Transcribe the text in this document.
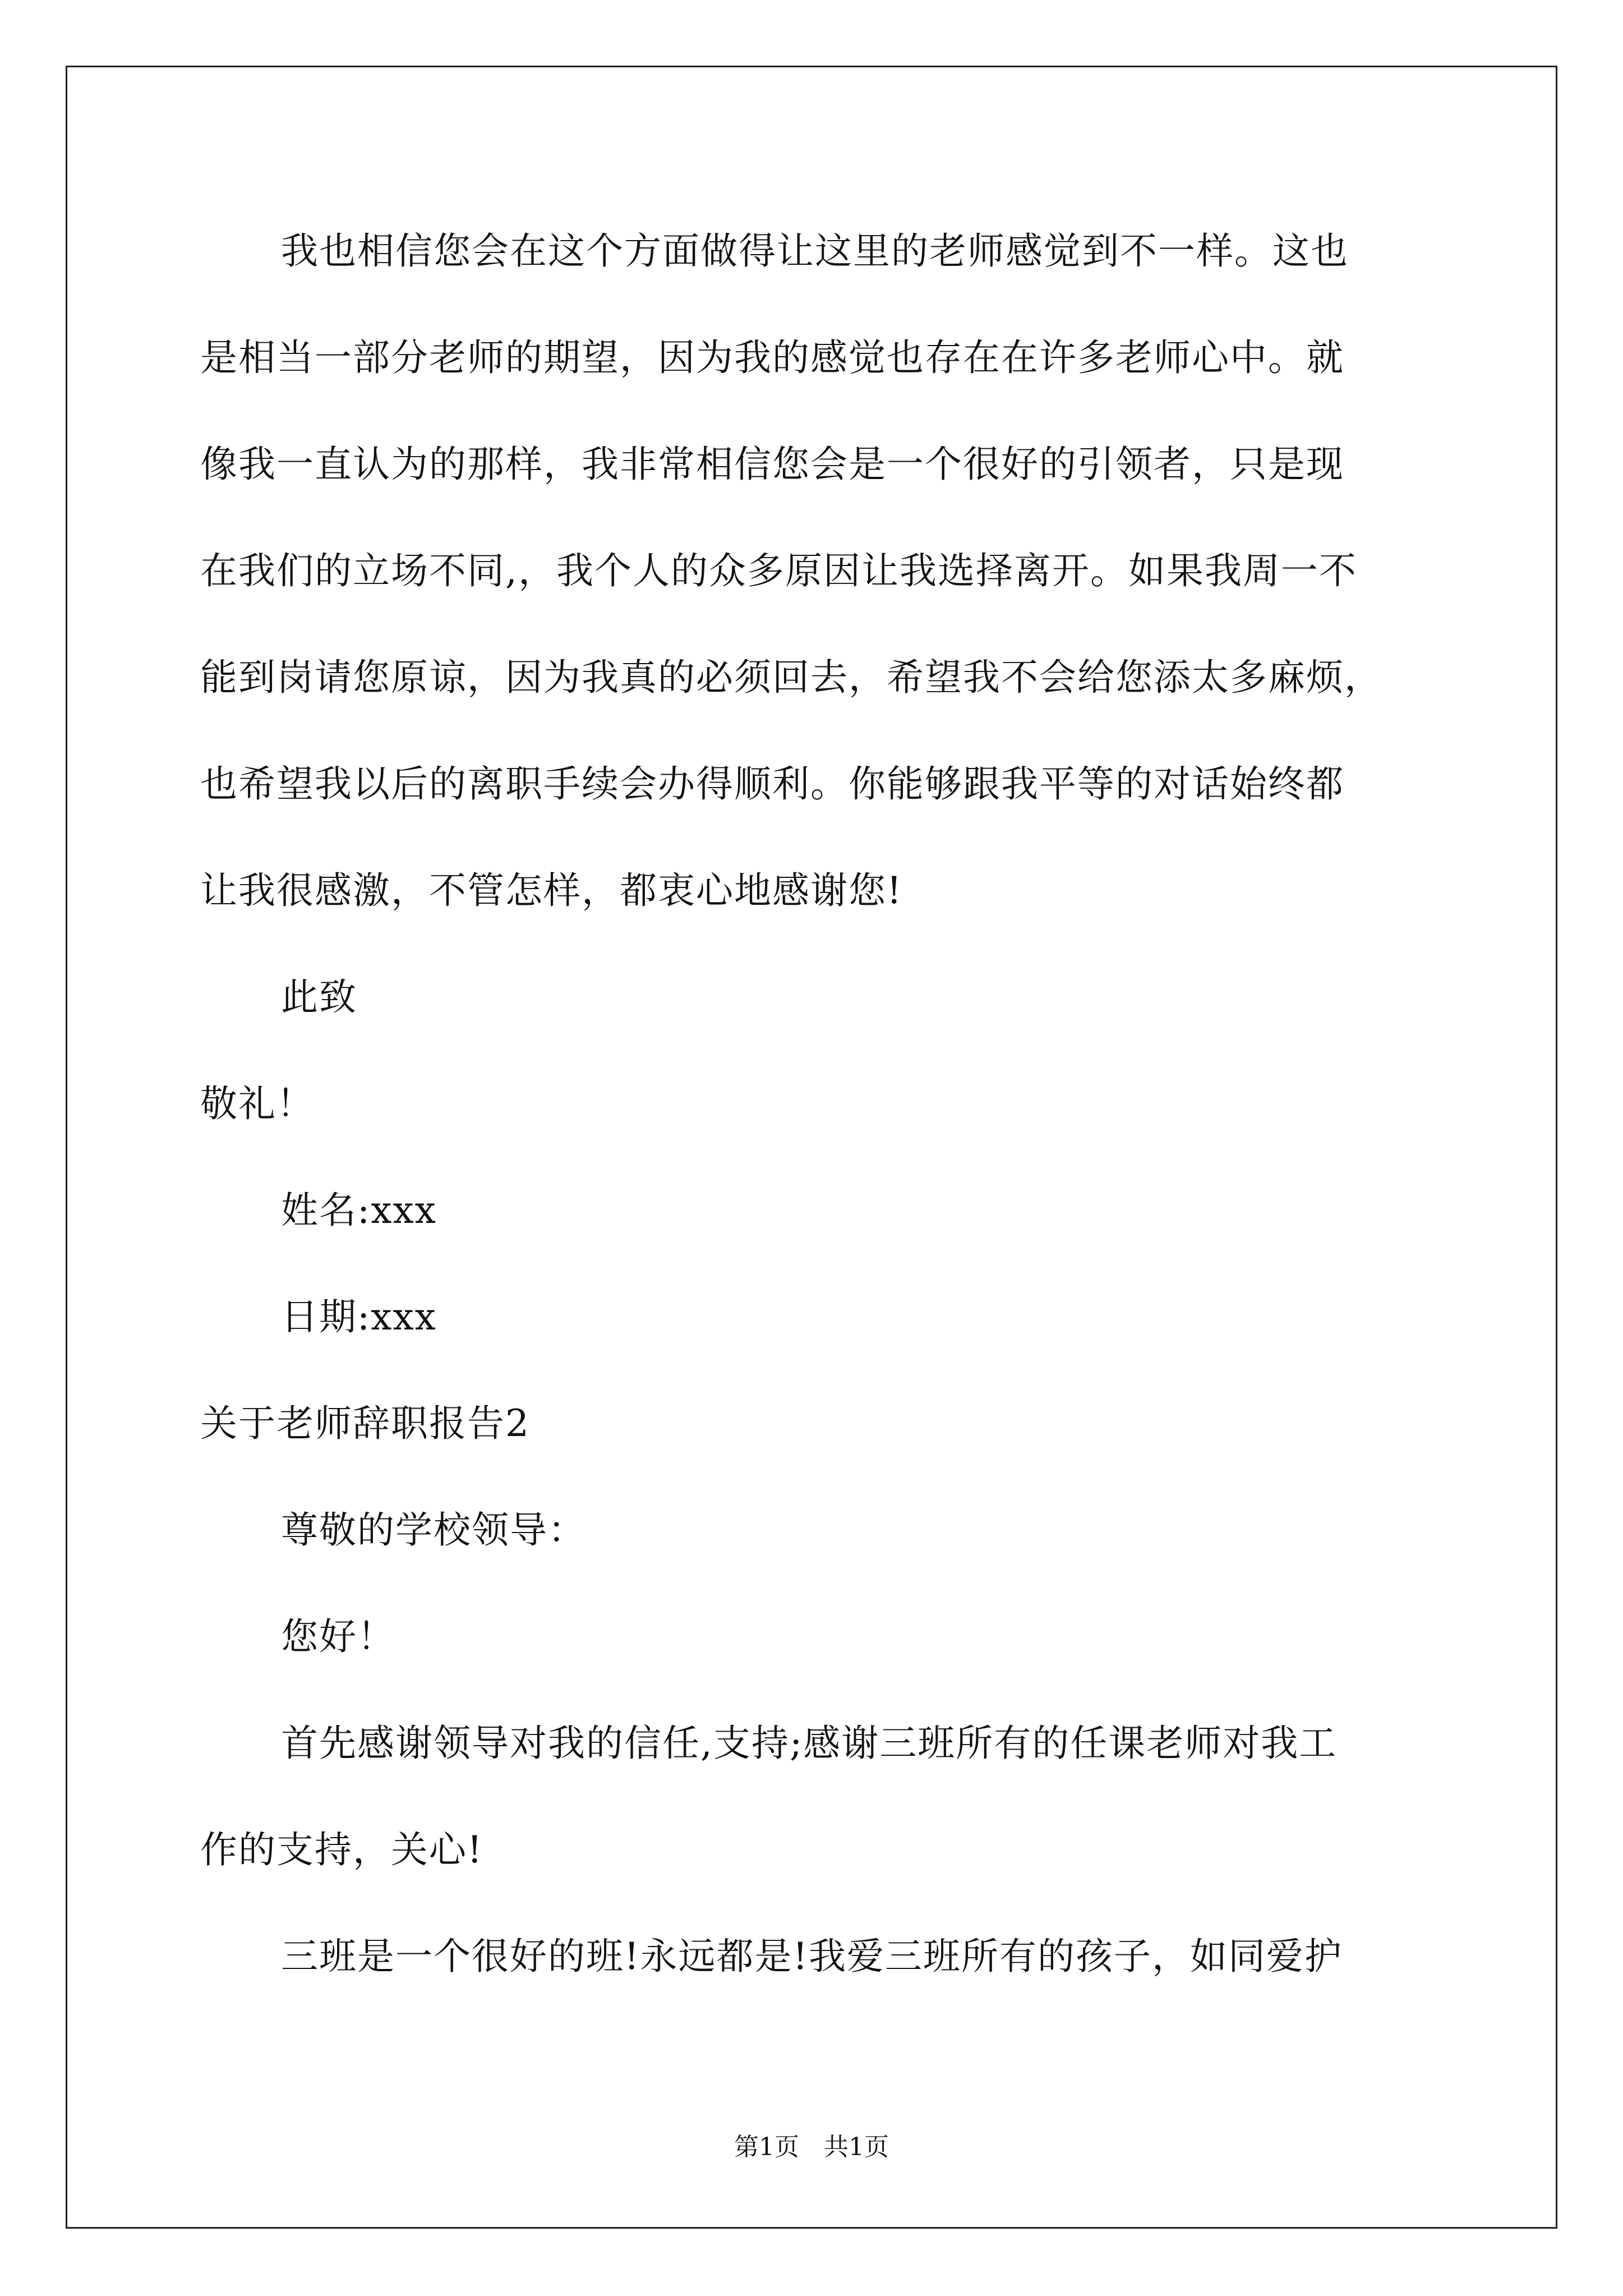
我也相信您会在这个方面做得让这里的老师感觉到不一样。这也
是相当一部分老师的期望，因为我的感觉也存在在许多老师心中。就
像我一直认为的那样，我非常相信您会是一个很好的引领者，只是现
在我们的立场不同,，我个人的众多原因让我选择离开。如果我周一不
能到岗请您原谅，因为我真的必须回去，希望我不会给您添太多麻烦，
也希望我以后的离职手续会办得顺利。你能够跟我平等的对话始终都
让我很感激，不管怎样，都衷心地感谢您!
此致
敬礼！
姓名:xxx
日期:xxx
关于老师辞职报告2
尊敬的学校领导：
您好！
首先感谢领导对我的信任,支持;感谢三班所有的任课老师对我工
作的支持，关心!
三班是一个很好的班!永远都是!我爱三班所有的孩子，如同爱护
第1页　共1页
